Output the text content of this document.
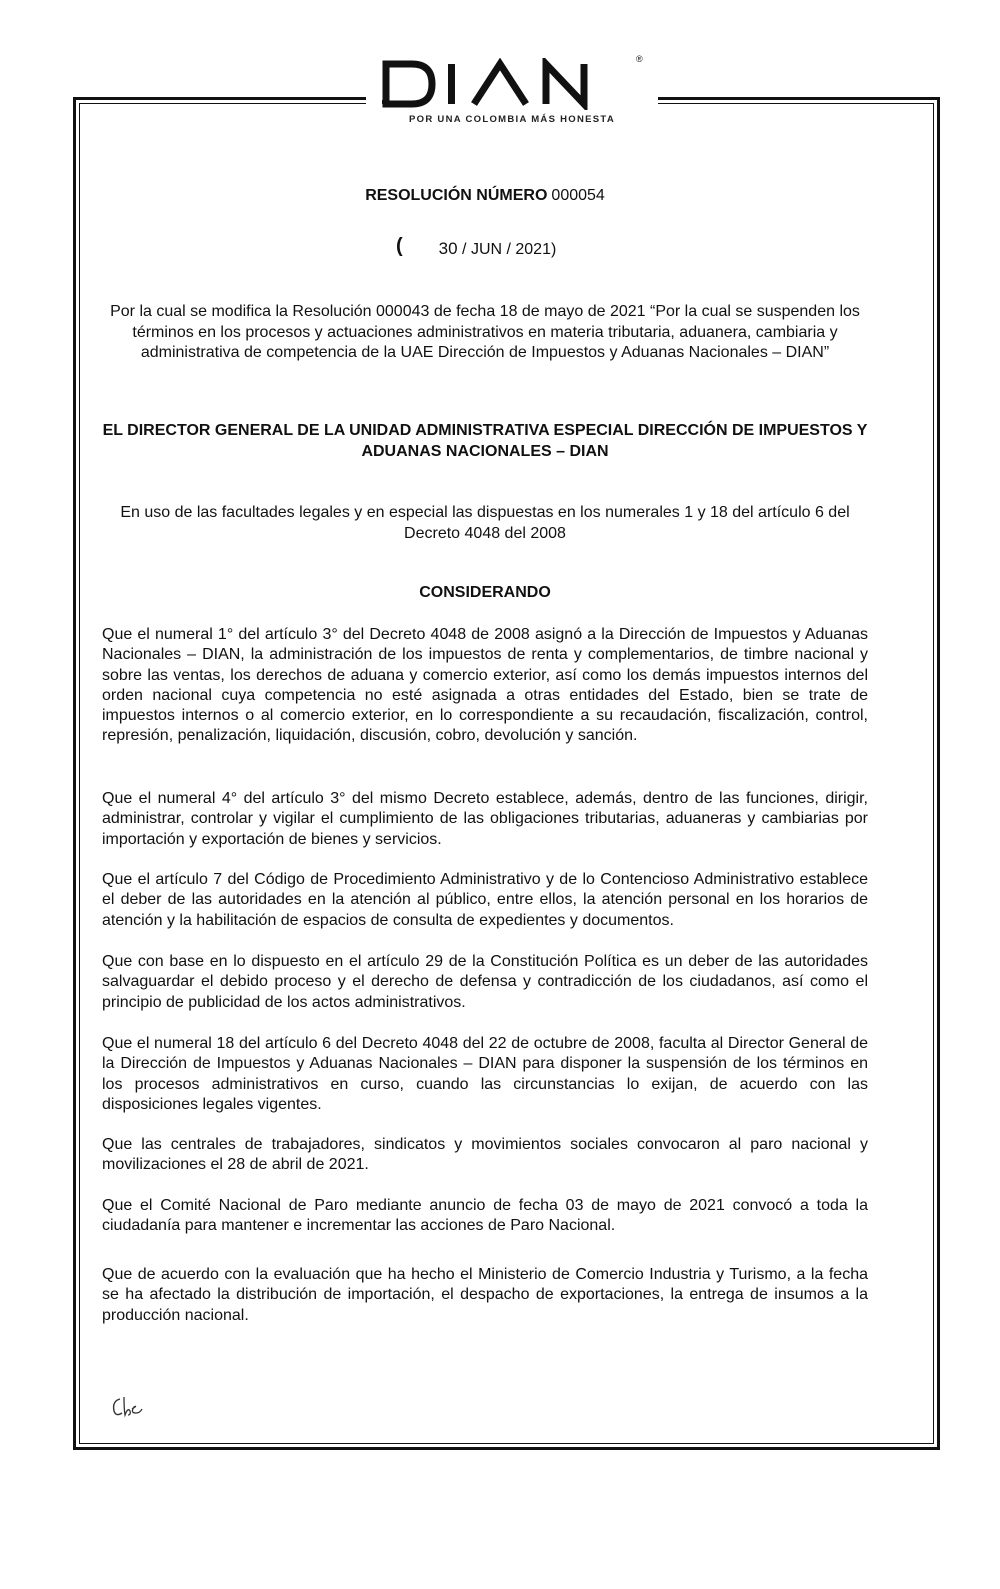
®
POR UNA COLOMBIA MÁS HONESTA
RESOLUCIÓN NÚMERO 000054
( 30 / JUN / 2021)
Por la cual se modifica la Resolución 000043 de fecha 18 de mayo de 2021 “Por la cual se suspenden los términos en los procesos y actuaciones administrativos en materia tributaria, aduanera, cambiaria y administrativa de competencia de la UAE Dirección de Impuestos y Aduanas Nacionales – DIAN”
EL DIRECTOR GENERAL DE LA UNIDAD ADMINISTRATIVA ESPECIAL DIRECCIÓN DE IMPUESTOS Y ADUANAS NACIONALES – DIAN
En uso de las facultades legales y en especial las dispuestas en los numerales 1 y 18 del artículo 6 del Decreto 4048 del 2008
CONSIDERANDO
Que el numeral 1° del artículo 3° del Decreto 4048 de 2008 asignó a la Dirección de Impuestos y Aduanas Nacionales – DIAN, la administración de los impuestos de renta y complementarios, de timbre nacional y sobre las ventas, los derechos de aduana y comercio exterior, así como los demás impuestos internos del orden nacional cuya competencia no esté asignada a otras entidades del Estado, bien se trate de impuestos internos o al comercio exterior, en lo correspondiente a su recaudación, fiscalización, control, represión, penalización, liquidación, discusión, cobro, devolución y sanción.
Que el numeral 4° del artículo 3° del mismo Decreto establece, además, dentro de las funciones, dirigir, administrar, controlar y vigilar el cumplimiento de las obligaciones tributarias, aduaneras y cambiarias por importación y exportación de bienes y servicios.
Que el artículo 7 del Código de Procedimiento Administrativo y de lo Contencioso Administrativo establece el deber de las autoridades en la atención al público, entre ellos, la atención personal en los horarios de atención y la habilitación de espacios de consulta de expedientes y documentos.
Que con base en lo dispuesto en el artículo 29 de la Constitución Política es un deber de las autoridades salvaguardar el debido proceso y el derecho de defensa y contradicción de los ciudadanos, así como el principio de publicidad de los actos administrativos.
Que el numeral 18 del artículo 6 del Decreto 4048 del 22 de octubre de 2008, faculta al Director General de la Dirección de Impuestos y Aduanas Nacionales – DIAN para disponer la suspensión de los términos en los procesos administrativos en curso, cuando las circunstancias lo exijan, de acuerdo con las disposiciones legales vigentes.
Que las centrales de trabajadores, sindicatos y movimientos sociales convocaron al paro nacional y movilizaciones el 28 de abril de 2021.
Que el Comité Nacional de Paro mediante anuncio de fecha 03 de mayo de 2021 convocó a toda la ciudadanía para mantener e incrementar las acciones de Paro Nacional.
Que de acuerdo con la evaluación que ha hecho el Ministerio de Comercio Industria y Turismo, a la fecha se ha afectado la distribución de importación, el despacho de exportaciones, la entrega de insumos a la producción nacional.
